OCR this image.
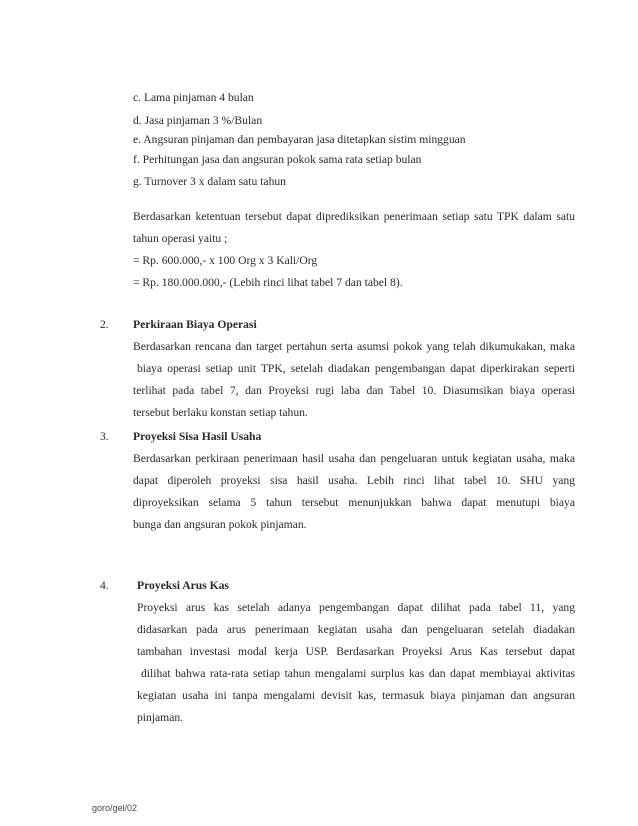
c. Lama pinjaman 4 bulan
d. Jasa pinjaman 3 %/Bulan
e. Angsuran pinjaman dan pembayaran jasa ditetapkan sistim mingguan
f. Perhitungan jasa dan angsuran pokok sama rata setiap bulan
g. Turnover 3 x dalam satu tahun
Berdasarkan ketentuan tersebut dapat diprediksikan penerimaan setiap satu TPK dalam satu
tahun operasi yaitu ;
= Rp. 600.000,- x 100 Org x 3 Kali/Org
= Rp. 180.000.000,- (Lebih rinci lihat tabel 7 dan tabel 8).
2. Perkiraan Biaya Operasi
Berdasarkan rencana dan target pertahun serta asumsi pokok yang telah dikumukakan, maka
biaya operasi setiap unit TPK, setelah diadakan pengembangan dapat diperkirakan seperti
terlihat pada tabel 7, dan Proyeksi rugi laba dan Tabel 10. Diasumsikan biaya operasi
tersebut berlaku konstan setiap tahun.
3. Proyeksi Sisa Hasil Usaha
Berdasarkan perkiraan penerimaan hasil usaha dan pengeluaran untuk kegiatan usaha, maka
dapat diperoleh proyeksi sisa hasil usaha. Lebih rinci lihat tabel 10. SHU yang
diproyeksikan selama 5 tahun tersebut menunjukkan bahwa dapat menutupi biaya
bunga dan angsuran pokok pinjaman.
4. Proyeksi Arus Kas
Proyeksi arus kas setelah adanya pengembangan dapat dilihat pada tabel 11, yang
didasarkan pada arus penerimaan kegiatan usaha dan pengeluaran setelah diadakan
tambahan investasi modal kerja USP. Berdasarkan Proyeksi Arus Kas tersebut dapat
dilihat bahwa rata-rata setiap tahun mengalami surplus kas dan dapat membiayai aktivitas
kegiatan usaha ini tanpa mengalami devisit kas, termasuk biaya pinjaman dan angsuran
pinjaman.
goro/gel/02
